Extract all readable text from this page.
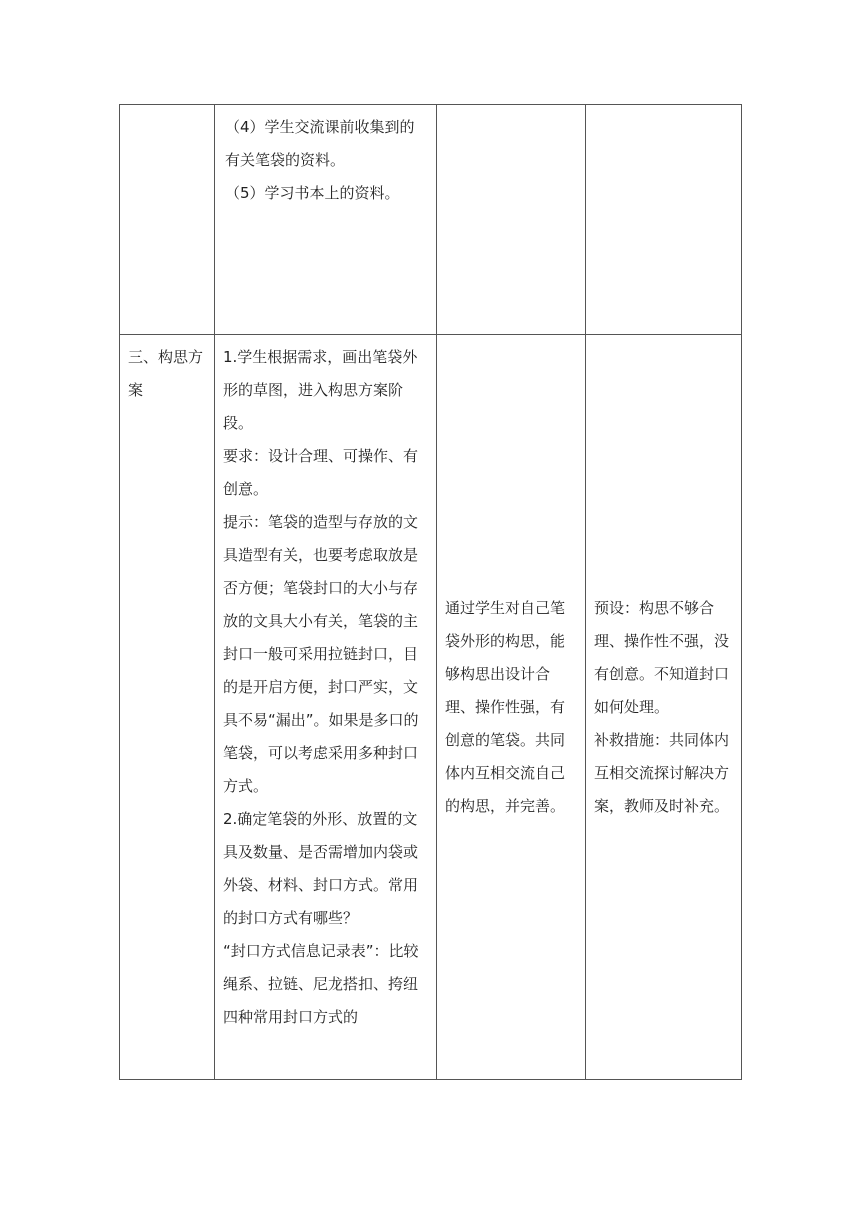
	（4）学生交流课前收集到的有关笔袋的资料。
（5）学习书本上的资料。		

三、构思方案	1.学生根据需求，画出笔袋外形的草图，进入构思方案阶段。
要求：设计合理、可操作、有创意。
提示：笔袋的造型与存放的文具造型有关，也要考虑取放是否方便；笔袋封口的大小与存放的文具大小有关，笔袋的主封口一般可采用拉链封口，目的是开启方便，封口严实，文具不易“漏出”。如果是多口的笔袋，可以考虑采用多种封口方式。
2.确定笔袋的外形、放置的文具及数量、是否需增加内袋或外袋、材料、封口方式。常用的封口方式有哪些？
“封口方式信息记录表”：比较绳系、拉链、尼龙搭扣、挎纽四种常用封口方式的	通过学生对自己笔袋外形的构思，能够构思出设计合理、操作性强，有创意的笔袋。共同体内互相交流自己的构思，并完善。	预设：构思不够合理、操作性不强，没有创意。不知道封口如何处理。
补救措施：共同体内互相交流探讨解决方案，教师及时补充。
